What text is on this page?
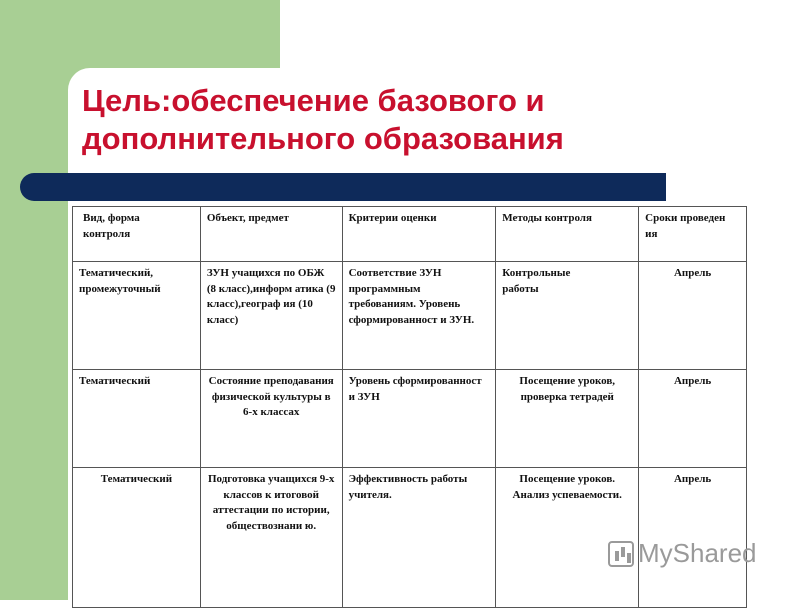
Цель:обеспечение базового и
дополнительного образования
Вид, форма контроля	Объект, предмет	Критерии оценки	Методы контроля	Сроки проведен ия
Тематический, промежуточный	ЗУН учащихся по ОБЖ (8 класс),информ атика (9 класс),географ ия (10 класс)	Соответствие ЗУН программным требованиям. Уровень сформированност и ЗУН.	Контрольные работы	Апрель
Тематический	Состояние преподавания физической культуры в 6-х классах	Уровень сформированност и ЗУН	Посещение уроков, проверка тетрадей	Апрель
Тематический	Подготовка учащихся 9-х классов к итоговой аттестации по истории, обществознани ю.	Эффективность работы учителя.	Посещение уроков. Анализ успеваемости.	Апрель
MyShared
